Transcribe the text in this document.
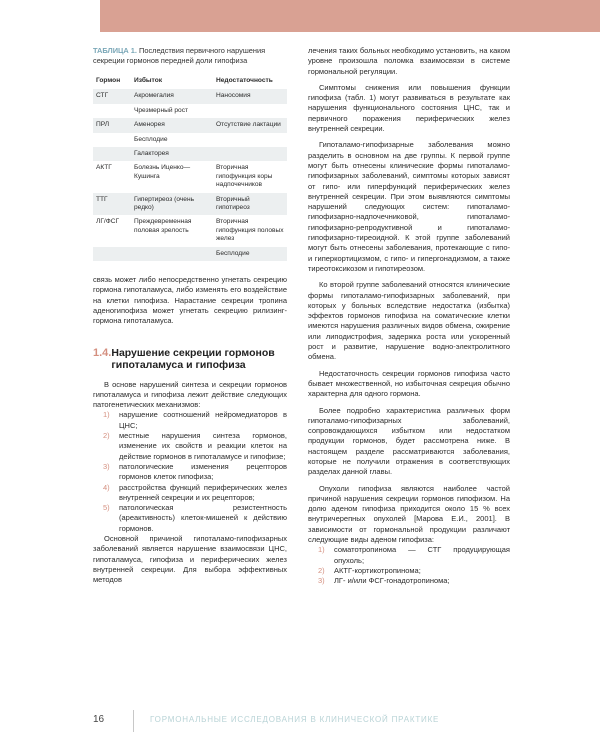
ТАБЛИЦА 1. Последствия первичного нарушения секреции гормонов передней доли гипофиза

Гормон	Избыток	Недостаточность
СТГ	Акромегалия	Наносомия
	Чрезмерный рост	
ПРЛ	Аменорея	Отсутствие лактации
	Бесплодие	
	Галакторея	
АКТГ	Болезнь Иценко—Кушинга	Вторичная гипофункция коры надпочечников
ТТГ	Гипертиреоз (очень редко)	Вторичный гипотиреоз
ЛГ/ФСГ	Преждевременная половая зрелость	Вторичная гипофункция половых желез
		Бесплодие

связь может либо непосредственно угнетать секрецию гормона гипоталамуса, либо изменять его воздействие на клетки гипофиза. Нарастание секреции тропина аденогипофиза может угнетать секрецию рилизинг-гормона гипоталамуса.

1.4. Нарушение секреции гормонов гипоталамуса и гипофиза

В основе нарушений синтеза и секреции гормонов гипоталамуса и гипофиза лежит действие следующих патогенетических механизмов:

1)	нарушение соотношений нейромедиаторов в ЦНС;
2)	местные нарушения синтеза гормонов, изменение их свойств и реакции клеток на действие гормонов в гипоталамусе и гипофизе;
3)	патологические изменения рецепторов гормонов клеток гипофиза;
4)	расстройства функций периферических желез внутренней секреции и их рецепторов;
5)	патологическая резистентность (ареактивность) клеток-мишеней к действию гормонов.

Основной причиной гипоталамо-гипофизарных заболеваний является нарушение взаимосвязи ЦНС, гипоталамуса, гипофиза и периферических желез внутренней секреции. Для выбора эффективных методов

лечения таких больных необходимо установить, на каком уровне произошла поломка взаимосвязи в системе гормональной регуляции.

Симптомы снижения или повышения функции гипофиза (табл. 1) могут развиваться в результате как нарушения функционального состояния ЦНС, так и первичного поражения периферических желез внутренней секреции.

Гипоталамо-гипофизарные заболевания можно разделить в основном на две группы. К первой группе могут быть отнесены клинические формы гипоталамо-гипофизарных заболеваний, симптомы которых зависят от гипо- или гиперфункций периферических желез внутренней секреции. При этом выявляются симптомы нарушений следующих систем: гипоталамо-гипофизарно-надпочечниковой, гипоталамо-гипофизарно-репродуктивной и гипоталамо-гипофизарно-тиреоидной. К этой группе заболеваний могут быть отнесены заболевания, протекающие с гипо- и гиперкортицизмом, с гипо- и гипергонадизмом, а также тиреотоксикозом и гипотиреозом.

Ко второй группе заболеваний относятся клинические формы гипоталамо-гипофизарных заболеваний, при которых у больных вследствие недостатка (избытка) эффектов гормонов гипофиза на соматические клетки имеются нарушения различных видов обмена, ожирение или липодистрофия, задержка роста или ускоренный рост и развитие, нарушение водно-электролитного обмена.

Недостаточность секреции гормонов гипофиза часто бывает множественной, но избыточная секреция обычно характерна для одного гормона.

Более подробно характеристика различных форм гипоталамо-гипофизарных заболеваний, сопровождающихся избытком или недостатком продукции гормонов, будет рассмотрена ниже. В настоящем разделе рассматриваются заболевания, которые не получили отражения в соответствующих разделах данной главы.

Опухоли гипофиза являются наиболее частой причиной нарушения секреции гормонов гипофизом. На долю аденом гипофиза приходится около 15 % всех внутричерепных опухолей [Марова Е.И., 2001]. В зависимости от гормональной продукции различают следующие виды аденом гипофиза:

1)	соматотропинома — СТГ продуцирующая опухоль;
2)	АКТГ-кортикотропинома;
3)	ЛГ- и/или ФСГ-гонадотропинома;
16	ГОРМОНАЛЬНЫЕ ИССЛЕДОВАНИЯ В КЛИНИЧЕСКОЙ ПРАКТИКЕ
